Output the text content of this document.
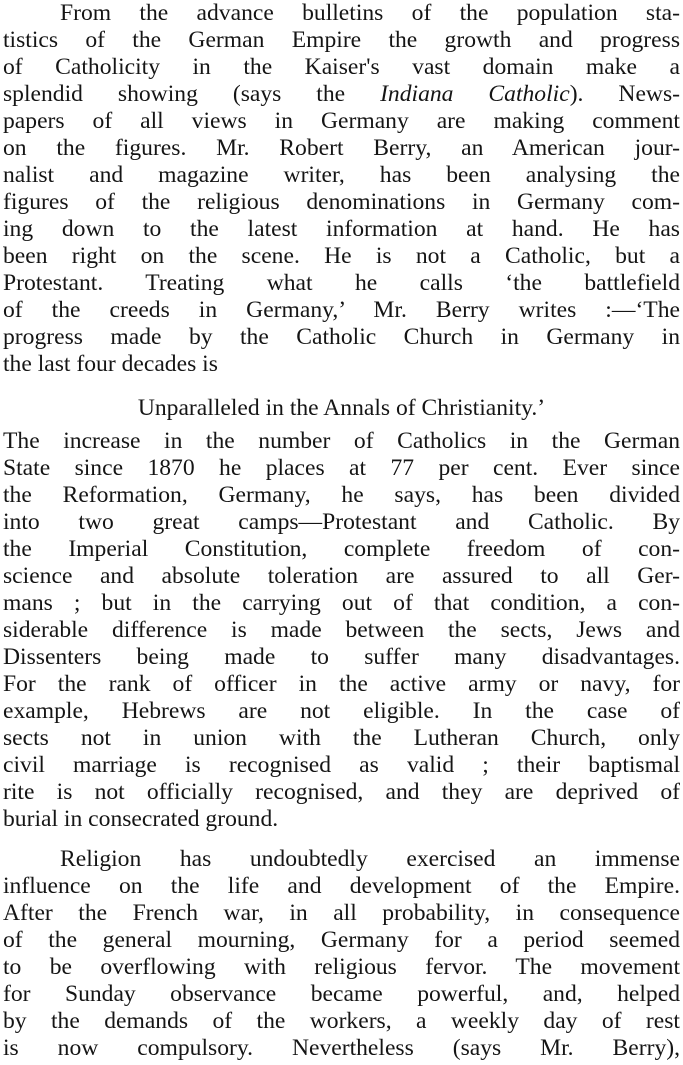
From the advance bulletins of the population sta-
tistics of the German Empire the growth and progress
of Catholicity in the Kaiser's vast domain make a
splendid showing (says the Indiana Catholic). News-
papers of all views in Germany are making comment
on the figures. Mr. Robert Berry, an American jour-
nalist and magazine writer, has been analysing the
figures of the religious denominations in Germany com-
ing down to the latest information at hand. He has
been right on the scene. He is not a Catholic, but a
Protestant. Treating what he calls ‘the battlefield
of the creeds in Germany,’ Mr. Berry writes :—‘The
progress made by the Catholic Church in Germany in
the last four decades is
Unparalleled in the Annals of Christianity.’
The increase in the number of Catholics in the German
State since 1870 he places at 77 per cent. Ever since
the Reformation, Germany, he says, has been divided
into two great camps—Protestant and Catholic. By
the Imperial Constitution, complete freedom of con-
science and absolute toleration are assured to all Ger-
mans ; but in the carrying out of that condition, a con-
siderable difference is made between the sects, Jews and
Dissenters being made to suffer many disadvantages.
For the rank of officer in the active army or navy, for
example, Hebrews are not eligible. In the case of
sects not in union with the Lutheran Church, only
civil marriage is recognised as valid ; their baptismal
rite is not officially recognised, and they are deprived of
burial in consecrated ground.
Religion has undoubtedly exercised an immense
influence on the life and development of the Empire.
After the French war, in all probability, in consequence
of the general mourning, Germany for a period seemed
to be overflowing with religious fervor. The movement
for Sunday observance became powerful, and, helped
by the demands of the workers, a weekly day of rest
is now compulsory. Nevertheless (says Mr. Berry),
